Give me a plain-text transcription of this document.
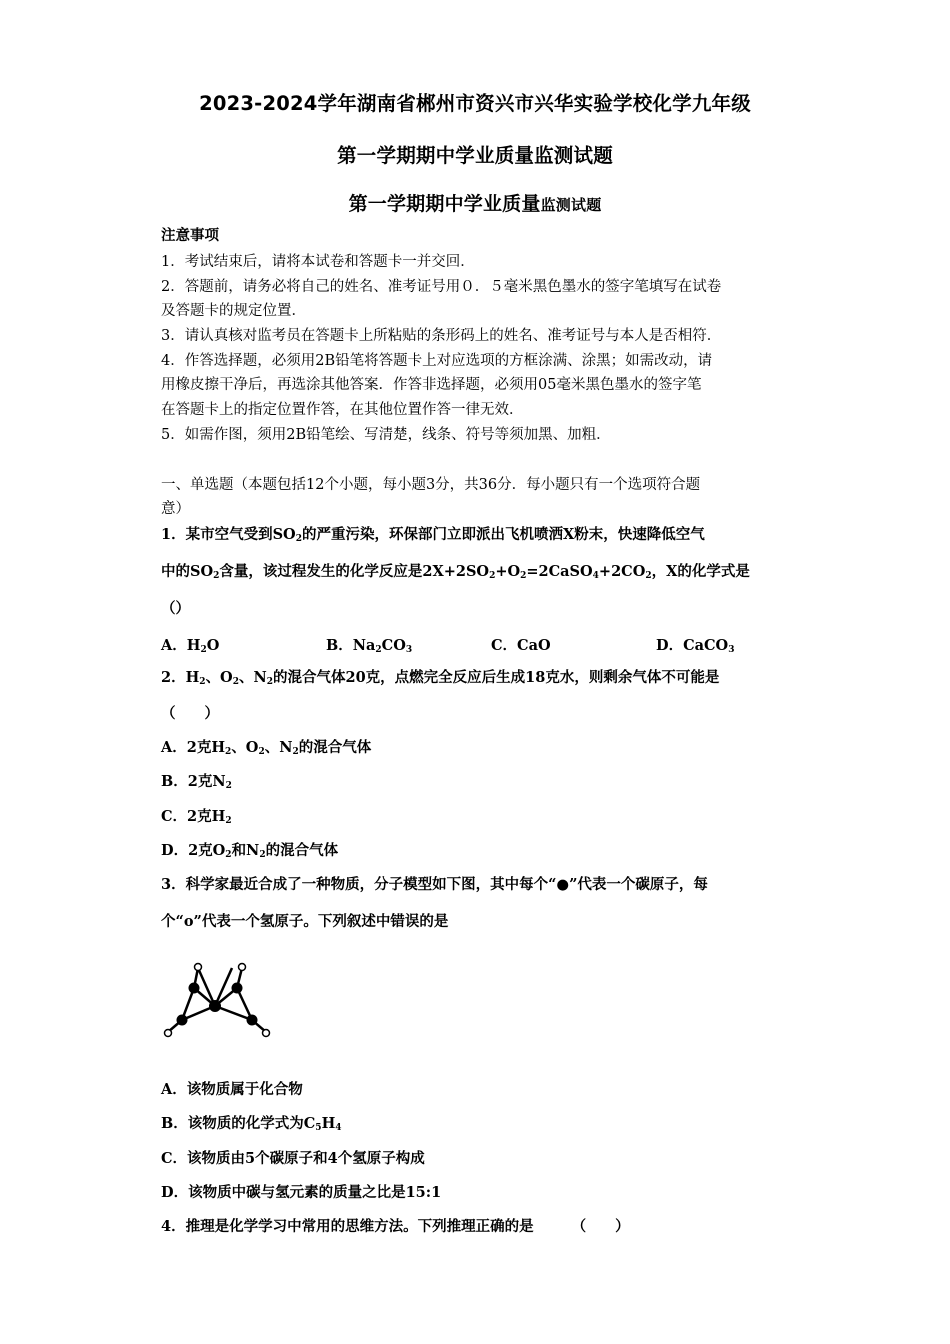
2023-2024学年湖南省郴州市资兴市兴华实验学校化学九年级
第一学期期中学业质量监测试题
第一学期期中学业质量监测试题
注意事项
1．考试结束后，请将本试卷和答题卡一并交回．
2．答题前，请务必将自己的姓名、准考证号用０．５毫米黑色墨水的签字笔填写在试卷
及答题卡的规定位置．
3．请认真核对监考员在答题卡上所粘贴的条形码上的姓名、准考证号与本人是否相符．
4．作答选择题，必须用2B铅笔将答题卡上对应选项的方框涂满、涂黑；如需改动，请
用橡皮擦干净后，再选涂其他答案．作答非选择题，必须用05毫米黑色墨水的签字笔
在答题卡上的指定位置作答，在其他位置作答一律无效．
5．如需作图，须用2B铅笔绘、写清楚，线条、符号等须加黑、加粗．
一、单选题（本题包括12个小题，每小题3分，共36分．每小题只有一个选项符合题
意）
1．某市空气受到$SO_2$的严重污染，环保部门立即派出飞机喷洒X粉末，快速降低空气
中的$SO_2$含量，该过程发生的化学反应是$2X+2SO_2+O_2=2CaSO_4+2CO_2$，X的化学式是
（）
A．$H_2O$	B．$Na_2CO_3$	C．CaO	D．CaCO$_3$
2．$H_2$、$O_2$、$N_2$的混合气体20克，点燃完全反应后生成18克水，则剩余气体不可能是
（　　）
A．2克$H_2$、$O_2$、$N_2$的混合气体
B．2克$N_2$
C．2克$H_2$
D．2克$O_2$和$N_2$的混合气体
3．科学家最近合成了一种物质，分子模型如下图，其中每个“●”代表一个碳原子，每
个“o”代表一个氢原子。下列叙述中错误的是
A．该物质属于化合物
B．该物质的化学式为$C_5H_4$
C．该物质由5个碳原子和4个氢原子构成
D．该物质中碳与氢元素的质量之比是15:1
4．推理是化学学习中常用的思维方法。下列推理正确的是	（　　）
